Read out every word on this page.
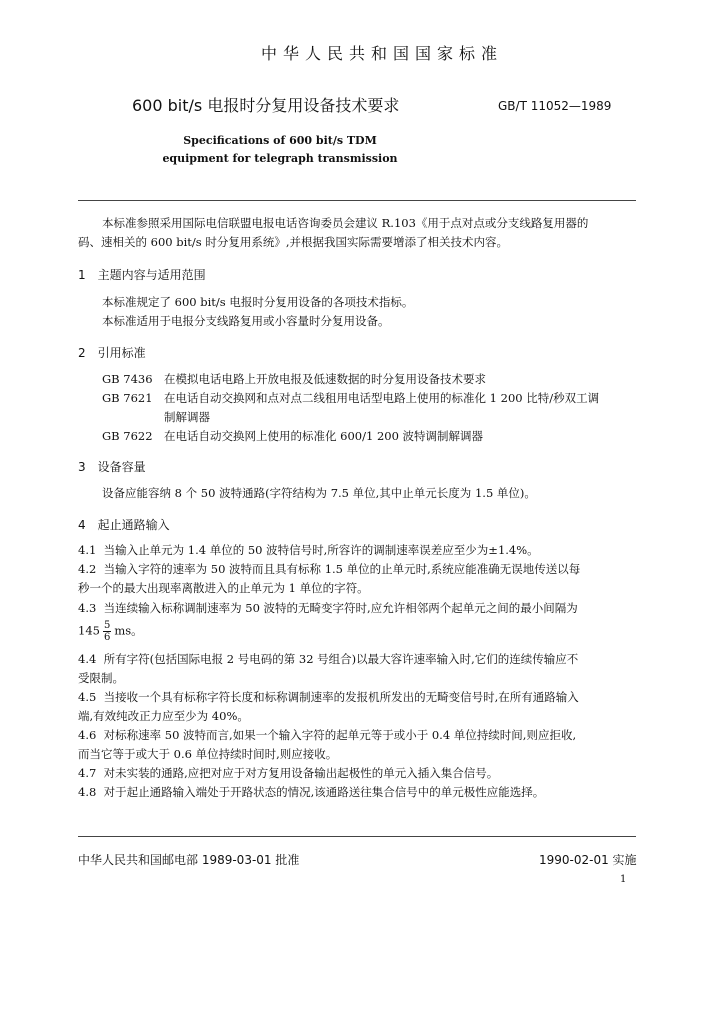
中华人民共和国国家标准
600 bit/s 电报时分复用设备技术要求	GB/T 11052—1989
Specifications of 600 bit/s TDM
equipment for telegraph transmission
本标准参照采用国际电信联盟电报电话咨询委员会建议 R.103《用于点对点或分支线路复用器的
码、速相关的 600 bit/s 时分复用系统》,并根据我国实际需要增添了相关技术内容。
1 主题内容与适用范围
本标准规定了 600 bit/s 电报时分复用设备的各项技术指标。
本标准适用于电报分支线路复用或小容量时分复用设备。
2 引用标准
GB 7436 在模拟电话电路上开放电报及低速数据的时分复用设备技术要求
GB 7621 在电话自动交换网和点对点二线租用电话型电路上使用的标准化 1 200 比特/秒双工调
制解调器
GB 7622 在电话自动交换网上使用的标准化 600/1 200 波特调制解调器
3 设备容量
设备应能容纳 8 个 50 波特通路(字符结构为 7.5 单位,其中止单元长度为 1.5 单位)。
4 起止通路输入
4.1 当输入止单元为 1.4 单位的 50 波特信号时,所容许的调制速率误差应至少为±1.4%。
4.2 当输入字符的速率为 50 波特而且具有标称 1.5 单位的止单元时,系统应能准确无误地传送以每
秒一个的最大出现率离散进入的止单元为 1 单位的字符。
4.3 当连续输入标称调制速率为 50 波特的无畸变字符时,应允许相邻两个起单元之间的最小间隔为
$145 \frac{5}{6}$ ms。
4.4 所有字符(包括国际电报 2 号电码的第 32 号组合)以最大容许速率输入时,它们的连续传输应不
受限制。
4.5 当接收一个具有标称字符长度和标称调制速率的发报机所发出的无畸变信号时,在所有通路输入
端,有效纯改正力应至少为 40%。
4.6 对标称速率 50 波特而言,如果一个输入字符的起单元等于或小于 0.4 单位持续时间,则应拒收,
而当它等于或大于 0.6 单位持续时间时,则应接收。
4.7 对未实装的通路,应把对应于对方复用设备输出起极性的单元入插入集合信号。
4.8 对于起止通路输入端处于开路状态的情况,该通路送往集合信号中的单元极性应能选择。
中华人民共和国邮电部 1989-03-01 批准	1990-02-01 实施
1
